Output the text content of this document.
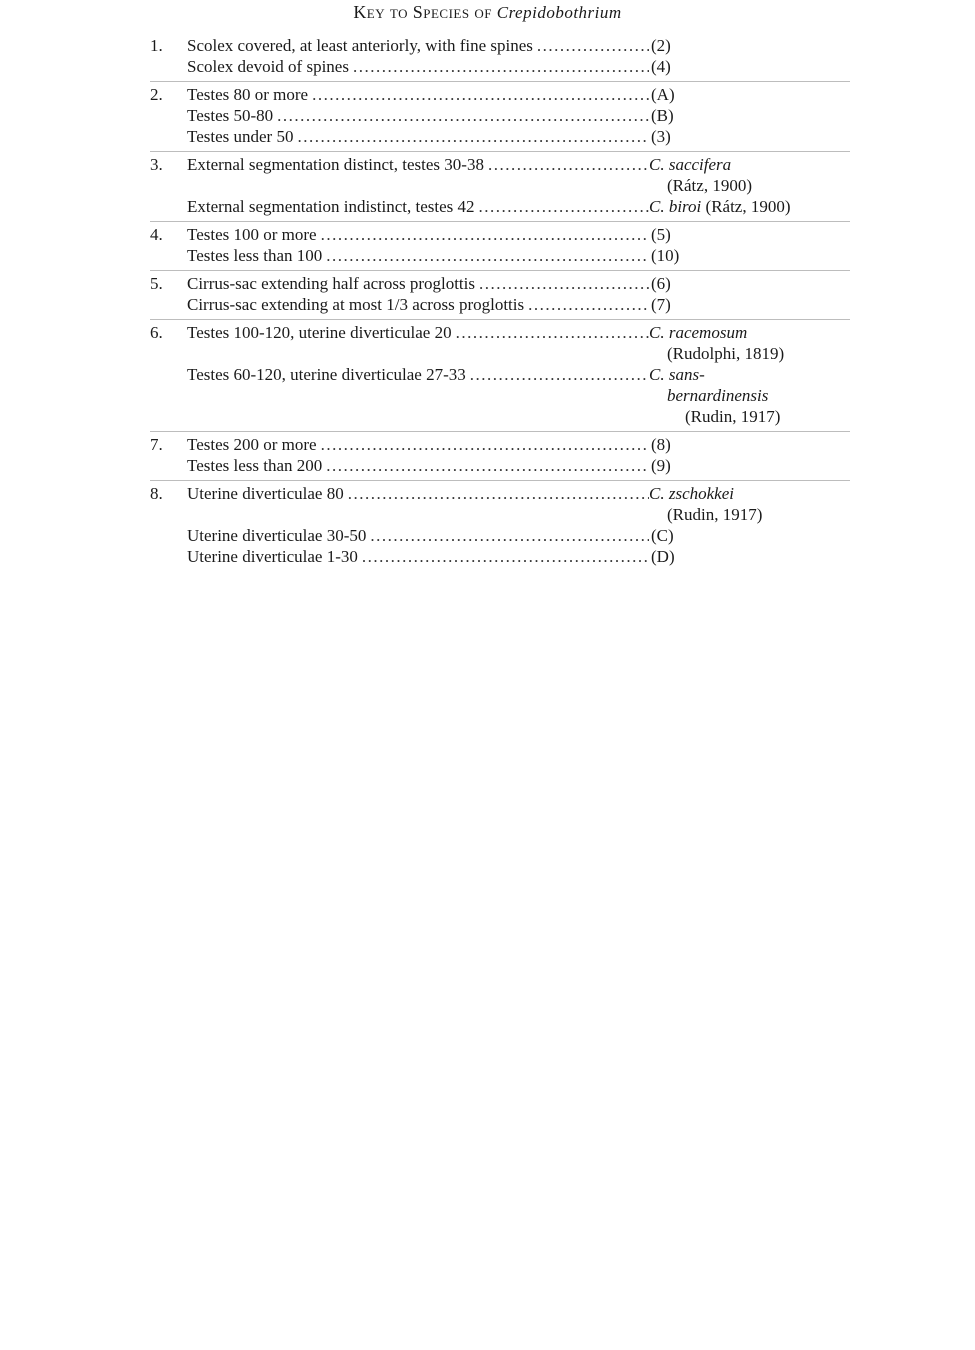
Key to Species of Crepidobothrium
1. Scolex covered, at least anteriorly, with fine spines .....	(2)
Scolex devoid of spines .....	(4)
2. Testes 80 or more .....	(A)
Testes 50-80 .....	(B)
Testes under 50 .....	(3)
3. External segmentation distinct, testes 30-38 .....	C. saccifera
(Rátz, 1900)
External segmentation indistinct, testes 42 .....	C. biroi (Rátz, 1900)
4. Testes 100 or more .....	(5)
Testes less than 100 .....	(10)
5. Cirrus-sac extending half across proglottis .....	(6)
Cirrus-sac extending at most 1/3 across proglottis .....	(7)
6. Testes 100-120, uterine diverticulae 20 .....	C. racemosum
(Rudolphi, 1819)
Testes 60-120, uterine diverticulae 27-33 .....	C. sans-
bernardinensis
(Rudin, 1917)
7. Testes 200 or more .....	(8)
Testes less than 200 .....	(9)
8. Uterine diverticulae 80 .....	C. zschokkei
(Rudin, 1917)
Uterine diverticulae 30-50 .....	(C)
Uterine diverticulae 1-30 .....	(D)
